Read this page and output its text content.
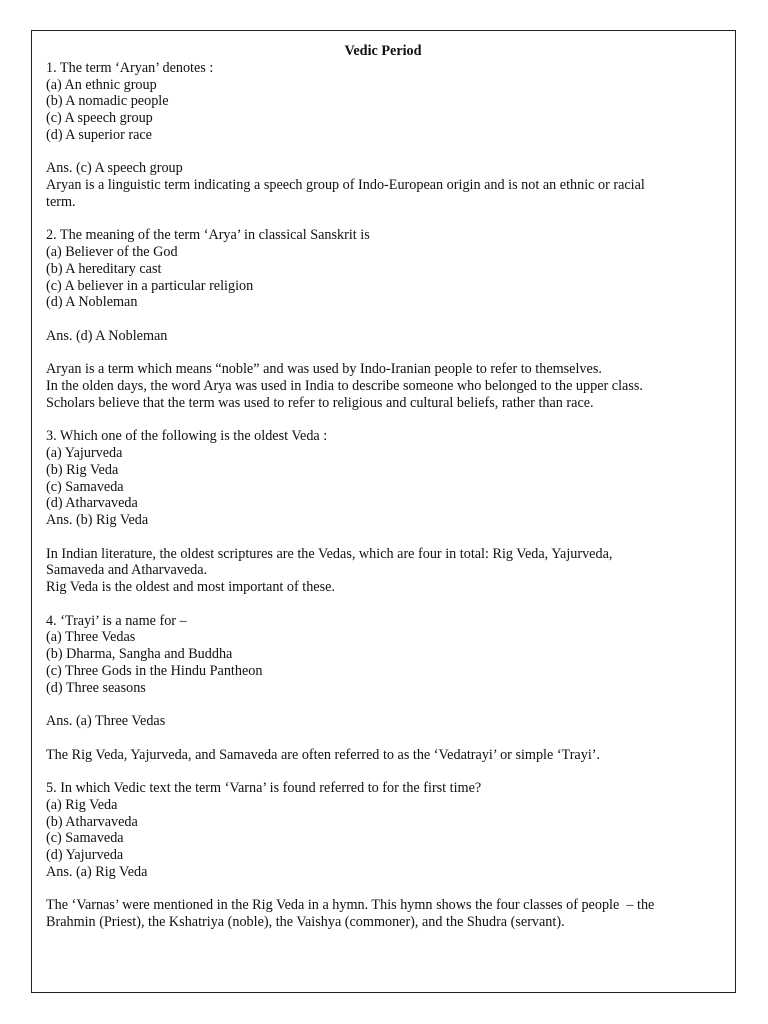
Vedic Period

1. The term ‘Aryan’ denotes :

(a) An ethnic group

(b) A nomadic people

(c) A speech group

(d) A superior race

Ans. (c) A speech group

Aryan is a linguistic term indicating a speech group of Indo-European origin and is not an ethnic or racial

term.

2. The meaning of the term ‘Arya’ in classical Sanskrit is

(a) Believer of the God

(b) A hereditary cast

(c) A believer in a particular religion

(d) A Nobleman

Ans. (d) A Nobleman

Aryan is a term which means “noble” and was used by Indo-Iranian people to refer to themselves.

In the olden days, the word Arya was used in India to describe someone who belonged to the upper class.

Scholars believe that the term was used to refer to religious and cultural beliefs, rather than race.

3. Which one of the following is the oldest Veda :

(a) Yajurveda

(b) Rig Veda

(c) Samaveda

(d) Atharvaveda

Ans. (b) Rig Veda

In Indian literature, the oldest scriptures are the Vedas, which are four in total: Rig Veda, Yajurveda,

Samaveda and Atharvaveda.

Rig Veda is the oldest and most important of these.

4. ‘Trayi’ is a name for –

(a) Three Vedas

(b) Dharma, Sangha and Buddha

(c) Three Gods in the Hindu Pantheon

(d) Three seasons

Ans. (a) Three Vedas

The Rig Veda, Yajurveda, and Samaveda are often referred to as the ‘Vedatrayi’ or simple ‘Trayi’.

5. In which Vedic text the term ‘Varna’ is found referred to for the first time?

(a) Rig Veda

(b) Atharvaveda

(c) Samaveda

(d) Yajurveda

Ans. (a) Rig Veda

The ‘Varnas’ were mentioned in the Rig Veda in a hymn. This hymn shows the four classes of people  – the

Brahmin (Priest), the Kshatriya (noble), the Vaishya (commoner), and the Shudra (servant).
